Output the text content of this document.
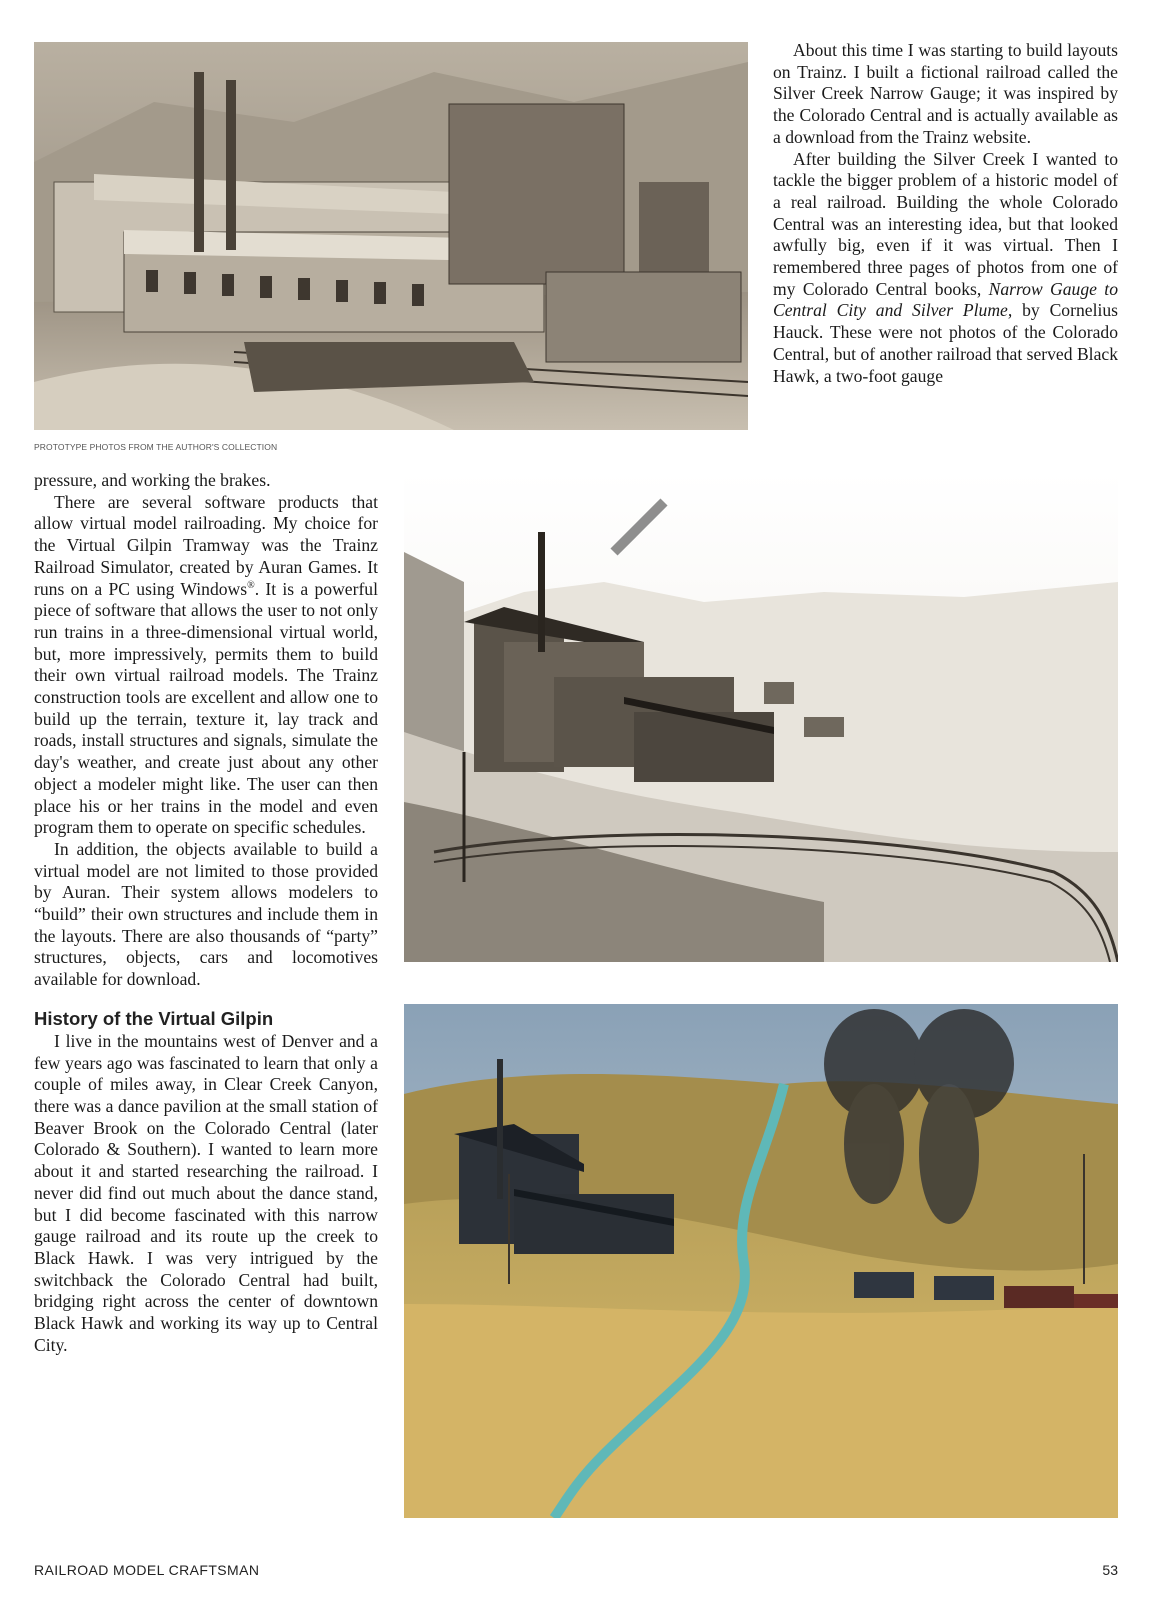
PROTOTYPE PHOTOS FROM THE AUTHOR'S COLLECTION

About this time I was starting to build layouts on Trainz. I built a fictional railroad called the Silver Creek Narrow Gauge; it was inspired by the Colorado Central and is actually available as a download from the Trainz website.

After building the Silver Creek I wanted to tackle the bigger problem of a historic model of a real railroad. Building the whole Colorado Central was an interesting idea, but that looked awfully big, even if it was virtual. Then I remembered three pages of photos from one of my Colorado Central books, Narrow Gauge to Central City and Silver Plume, by Cornelius Hauck. These were not photos of the Colorado Central, but of another railroad that served Black Hawk, a two-foot gauge

pressure, and working the brakes.

There are several software products that allow virtual model railroading. My choice for the Virtual Gilpin Tramway was the Trainz Railroad Simulator, created by Auran Games. It runs on a PC using Windows®. It is a powerful piece of software that allows the user to not only run trains in a three-dimensional virtual world, but, more impressively, permits them to build their own virtual railroad models. The Trainz construction tools are excellent and allow one to build up the terrain, texture it, lay track and roads, install structures and signals, simulate the day's weather, and create just about any other object a modeler might like. The user can then place his or her trains in the model and even program them to operate on specific schedules.

In addition, the objects available to build a virtual model are not limited to those provided by Auran. Their system allows modelers to “build” their own structures and include them in the layouts. There are also thousands of “party” structures, objects, cars and locomotives available for download.

History of the Virtual Gilpin

I live in the mountains west of Denver and a few years ago was fascinated to learn that only a couple of miles away, in Clear Creek Canyon, there was a dance pavilion at the small station of Beaver Brook on the Colorado Central (later Colorado & Southern). I wanted to learn more about it and started researching the railroad. I never did find out much about the dance stand, but I did become fascinated with this narrow gauge railroad and its route up the creek to Black Hawk. I was very intrigued by the switchback the Colorado Central had built, bridging right across the center of downtown Black Hawk and working its way up to Central City.

RAILROAD MODEL CRAFTSMAN	53
